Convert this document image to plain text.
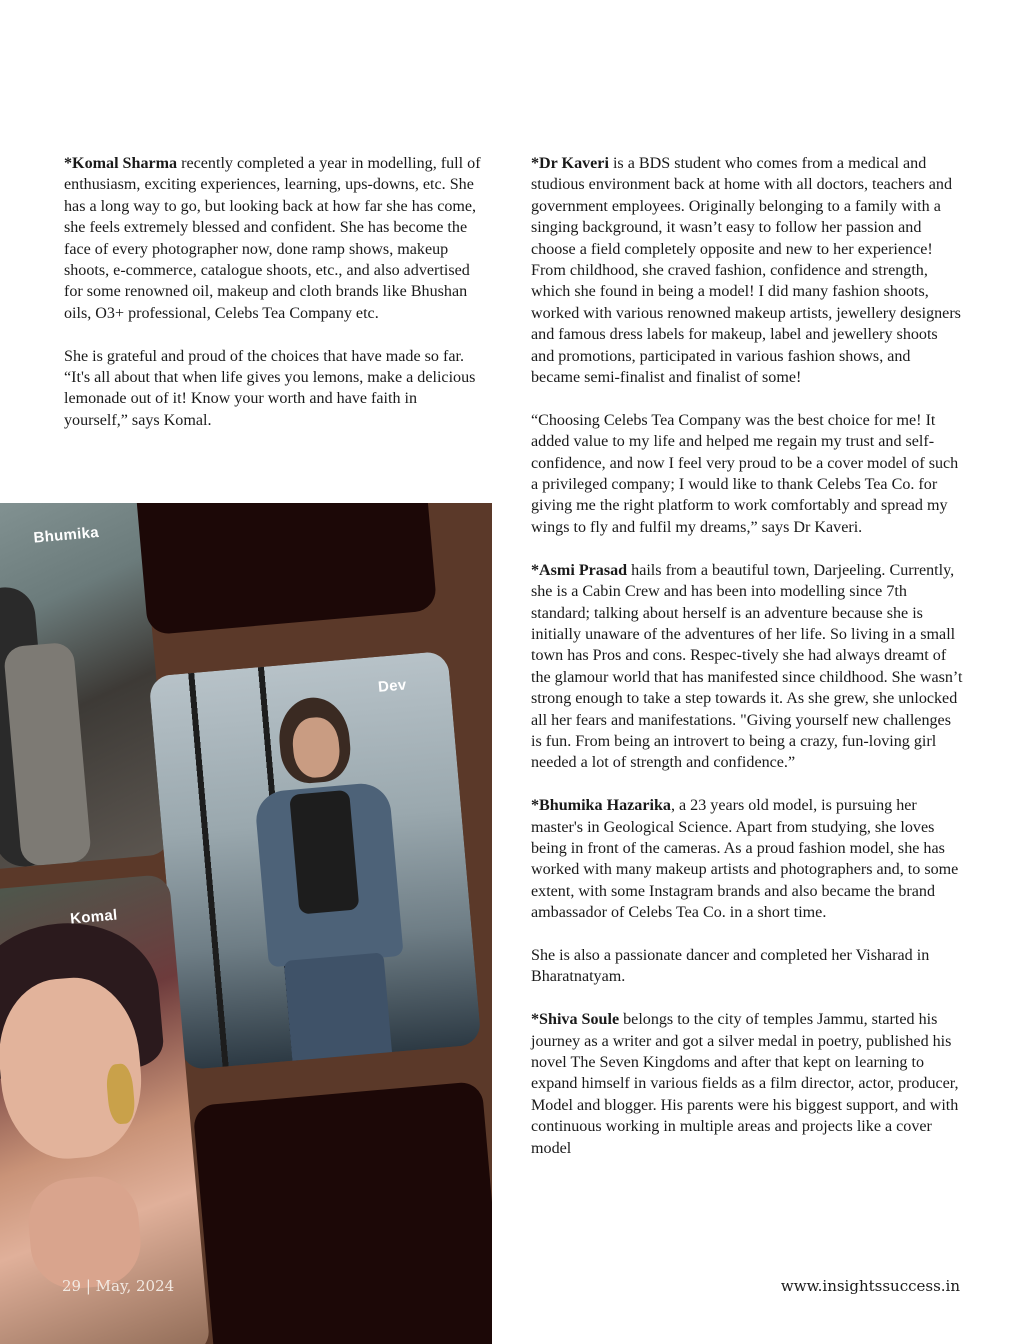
*Komal Sharma recently completed a year in modelling, full of enthusiasm, exciting experiences, learning, ups-downs, etc. She has a long way to go, but looking back at how far she has come, she feels extremely blessed and confident. She has become the face of every photographer now, done ramp shows, makeup shoots, e-commerce, catalogue shoots, etc., and also advertised for some renowned oil, makeup and cloth brands like Bhushan oils, O3+ professional, Celebs Tea Company etc.

She is grateful and proud of the choices that have made so far. “It's all about that when life gives you lemons, make a delicious lemonade out of it! Know your worth and have faith in yourself,” says Komal.

*Dr Kaveri is a BDS student who comes from a medical and studious environment back at home with all doctors, teachers and government employees. Originally belonging to a family with a singing background, it wasn’t easy to follow her passion and choose a field completely opposite and new to her experience! From childhood, she craved fashion, confidence and strength, which she found in being a model! I did many fashion shoots, worked with various renowned makeup artists, jewellery designers and famous dress labels for makeup, label and jewellery shoots and promotions, participated in various fashion shows, and became semi-finalist and finalist of some!

“Choosing Celebs Tea Company was the best choice for me! It added value to my life and helped me regain my trust and self-confidence, and now I feel very proud to be a cover model of such a privileged company; I would like to thank Celebs Tea Co. for giving me the right platform to work comfortably and spread my wings to fly and fulfil my dreams,” says Dr Kaveri.

*Asmi Prasad hails from a beautiful town, Darjeeling. Currently, she is a Cabin Crew and has been into modelling since 7th standard; talking about herself is an adventure because she is initially unaware of the adventures of her life. So living in a small town has Pros and cons. Respec-tively she had always dreamt of the glamour world that has manifested since childhood. She wasn’t strong enough to take a step towards it. As she grew, she unlocked all her fears and manifestations. "Giving yourself new challenges is fun. From being an introvert to being a crazy, fun-loving girl needed a lot of strength and confidence.”

*Bhumika Hazarika, a 23 years old model, is pursuing her master's in Geological Science. Apart from studying, she loves being in front of the cameras. As a proud fashion model, she has worked with many makeup artists and photographers and, to some extent, with some Instagram brands and also became the brand ambassador of Celebs Tea Co. in a short time.

She is also a passionate dancer and completed her Visharad in Bharatnatyam.

*Shiva Soule belongs to the city of temples Jammu, started his journey as a writer and got a silver medal in poetry, published his novel The Seven Kingdoms and after that kept on learning to expand himself in various fields as a film director, actor, producer, Model and blogger. His parents were his biggest support, and with continuous working in multiple areas and projects like a cover model

Bhumika
Dev
Komal
29 | May, 2024	www.insightssuccess.in
